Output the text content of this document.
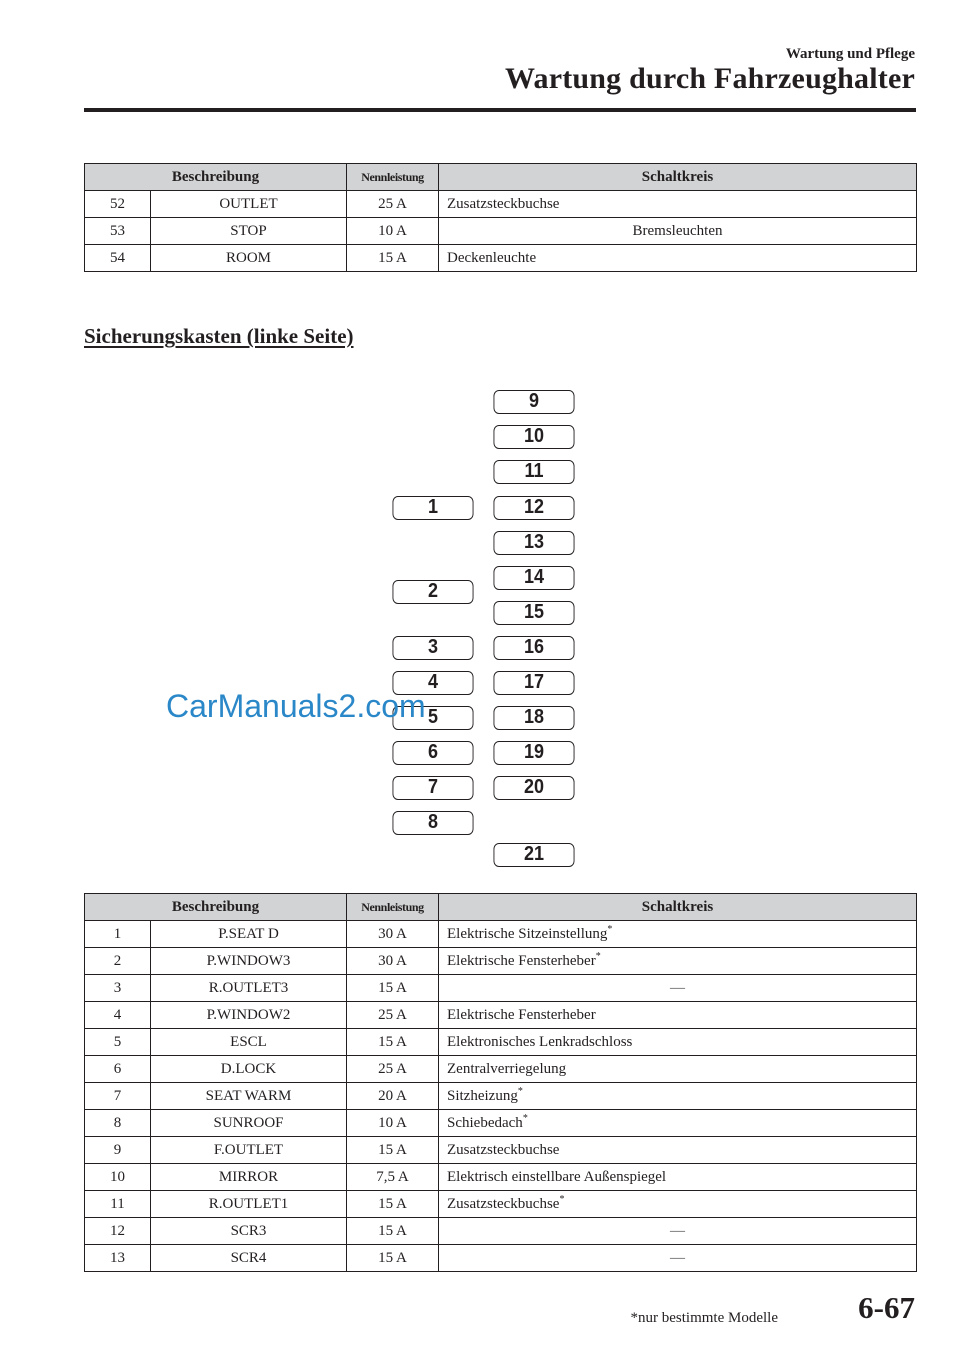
Wartung und Pflege
Wartung durch Fahrzeughalter
Beschreibung		Nennleistung	Schaltkreis
52	OUTLET	25 A	Zusatzsteckbuchse
53	STOP	10 A	Bremsleuchten
54	ROOM	15 A	Deckenleuchte
Sicherungskasten (linke Seite)
1
2
3
4
5
6
7
8
9
10
11
12
13
14
15
16
17
18
19
20
21
CarManuals2.com
Beschreibung		Nennleistung	Schaltkreis
1	P.SEAT D	30 A	Elektrische Sitzeinstellung*
2	P.WINDOW3	30 A	Elektrische Fensterheber*
3	R.OUTLET3	15 A	—
4	P.WINDOW2	25 A	Elektrische Fensterheber
5	ESCL	15 A	Elektronisches Lenkradschloss
6	D.LOCK	25 A	Zentralverriegelung
7	SEAT WARM	20 A	Sitzheizung*
8	SUNROOF	10 A	Schiebedach*
9	F.OUTLET	15 A	Zusatzsteckbuchse
10	MIRROR	7,5 A	Elektrisch einstellbare Außenspiegel
11	R.OUTLET1	15 A	Zusatzsteckbuchse*
12	SCR3	15 A	—
13	SCR4	15 A	—
*nur bestimmte Modelle	6-67
